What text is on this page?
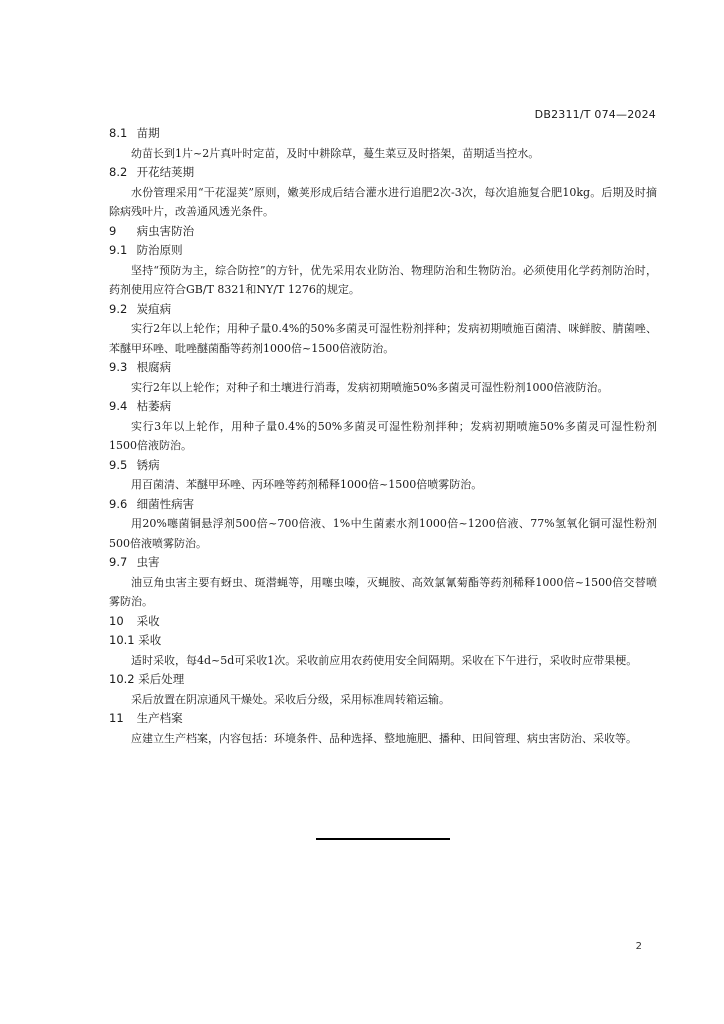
DB2311/T 074—2024
8.1 苗期
幼苗长到1片~2片真叶时定苗，及时中耕除草，蔓生菜豆及时搭架，苗期适当控水。
8.2 开花结荚期
水份管理采用“干花湿荚”原则，嫩荚形成后结合灌水进行追肥2次-3次，每次追施复合肥10kg。后期及时摘除病残叶片，改善通风透光条件。
9 病虫害防治
9.1 防治原则
坚持“预防为主，综合防控”的方针，优先采用农业防治、物理防治和生物防治。必须使用化学药剂防治时，药剂使用应符合GB/T 8321和NY/T 1276的规定。
9.2 炭疽病
实行2年以上轮作；用种子量0.4%的50%多菌灵可湿性粉剂拌种；发病初期喷施百菌清、咪鲜胺、腈菌唑、苯醚甲环唑、吡唑醚菌酯等药剂1000倍~1500倍液防治。
9.3 根腐病
实行2年以上轮作；对种子和土壤进行消毒，发病初期喷施50%多菌灵可湿性粉剂1000倍液防治。
9.4 枯萎病
实行3年以上轮作，用种子量0.4%的50%多菌灵可湿性粉剂拌种；发病初期喷施50%多菌灵可湿性粉剂1500倍液防治。
9.5 锈病
用百菌清、苯醚甲环唑、丙环唑等药剂稀释1000倍~1500倍喷雾防治。
9.6 细菌性病害
用20%噻菌铜悬浮剂500倍~700倍液、1%中生菌素水剂1000倍~1200倍液、77%氢氧化铜可湿性粉剂500倍液喷雾防治。
9.7 虫害
油豆角虫害主要有蚜虫、斑潜蝇等，用噻虫嗪，灭蝇胺、高效氯氰菊酯等药剂稀释1000倍~1500倍交替喷雾防治。
10 采收
10.1 采收
适时采收，每4d~5d可采收1次。采收前应用农药使用安全间隔期。采收在下午进行，采收时应带果梗。
10.2 采后处理
采后放置在阴凉通风干燥处。采收后分级，采用标准周转箱运输。
11 生产档案
应建立生产档案，内容包括：环境条件、品种选择、整地施肥、播种、田间管理、病虫害防治、采收等。
2
